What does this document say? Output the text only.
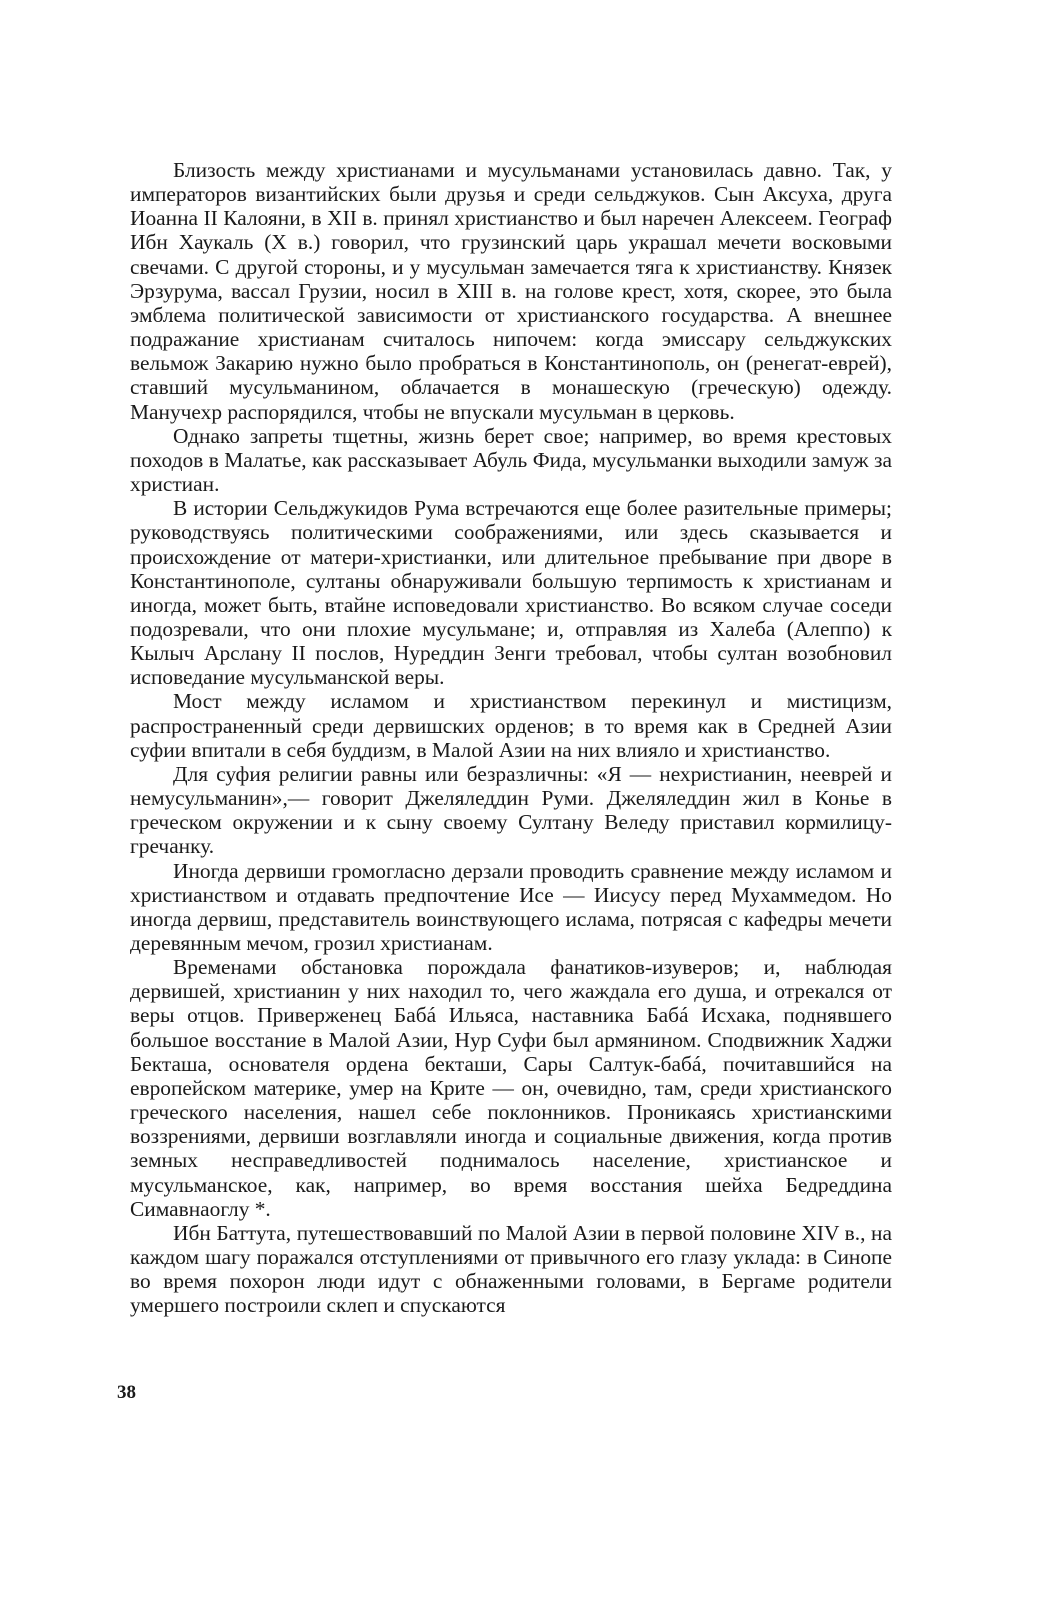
Близость между христианами и мусульманами установилась давно. Так, у императоров византийских были друзья и среди сельджуков. Сын Аксуха, друга Иоанна II Калояни, в XII в. принял христианство и был наречен Алексеем. Географ Ибн Хаукаль (X в.) говорил, что грузинский царь украшал мечети восковыми свечами. С другой стороны, и у мусульман замечается тяга к христианству. Князек Эрзурума, вассал Грузии, носил в XIII в. на голове крест, хотя, скорее, это была эмблема политической зависимости от христианского государства. А внешнее подражание христианам считалось нипочем: когда эмиссару сельджукских вельмож Закарию нужно было пробраться в Константинополь, он (ренегат-еврей), ставший мусульманином, облачается в монашескую (греческую) одежду. Манучехр распорядился, чтобы не впускали мусульман в церковь.

Однако запреты тщетны, жизнь берет свое; например, во время крестовых походов в Малатье, как рассказывает Абуль Фида, мусульманки выходили замуж за христиан.

В истории Сельджукидов Рума встречаются еще более разительные примеры; руководствуясь политическими соображениями, или здесь сказывается и происхождение от матери-христианки, или длительное пребывание при дворе в Константинополе, султаны обнаруживали большую терпимость к христианам и иногда, может быть, втайне исповедовали христианство. Во всяком случае соседи подозревали, что они плохие мусульмане; и, отправляя из Халеба (Алеппо) к Кылыч Арслану II послов, Нуреддин Зенги требовал, чтобы султан возобновил исповедание мусульманской веры.

Мост между исламом и христианством перекинул и мистицизм, распространенный среди дервишских орденов; в то время как в Средней Азии суфии впитали в себя буддизм, в Малой Азии на них влияло и христианство.

Для суфия религии равны или безразличны: «Я — нехристианин, нееврей и немусульманин»,— говорит Джеляледдин Руми. Джеляледдин жил в Конье в греческом окружении и к сыну своему Султану Веледу приставил кормилицу-гречанку.

Иногда дервиши громогласно дерзали проводить сравнение между исламом и христианством и отдавать предпочтение Исе — Иисусу перед Мухаммедом. Но иногда дервиш, представитель воинствующего ислама, потрясая с кафедры мечети деревянным мечом, грозил христианам.

Временами обстановка порождала фанатиков-изуверов; и, наблюдая дервишей, христианин у них находил то, чего жаждала его душа, и отрекался от веры отцов. Приверженец Бабá Ильяса, наставника Бабá Исхака, поднявшего большое восстание в Малой Азии, Нур Суфи был армянином. Сподвижник Хаджи Бекташа, основателя ордена бекташи, Сары Салтук-бабá, почитавшийся на европейском материке, умер на Крите — он, очевидно, там, среди христианского греческого населения, нашел себе поклонников. Проникаясь христианскими воззрениями, дервиши возглавляли иногда и социальные движения, когда против земных несправедливостей поднималось население, христианское и мусульманское, как, например, во время восстания шейха Бедреддина Симавнаоглу *.

Ибн Баттута, путешествовавший по Малой Азии в первой половине XIV в., на каждом шагу поражался отступлениями от привычного его глазу уклада: в Синопе во время похорон люди идут с обнаженными головами, в Бергаме родители умершего построили склеп и спускаются

38
